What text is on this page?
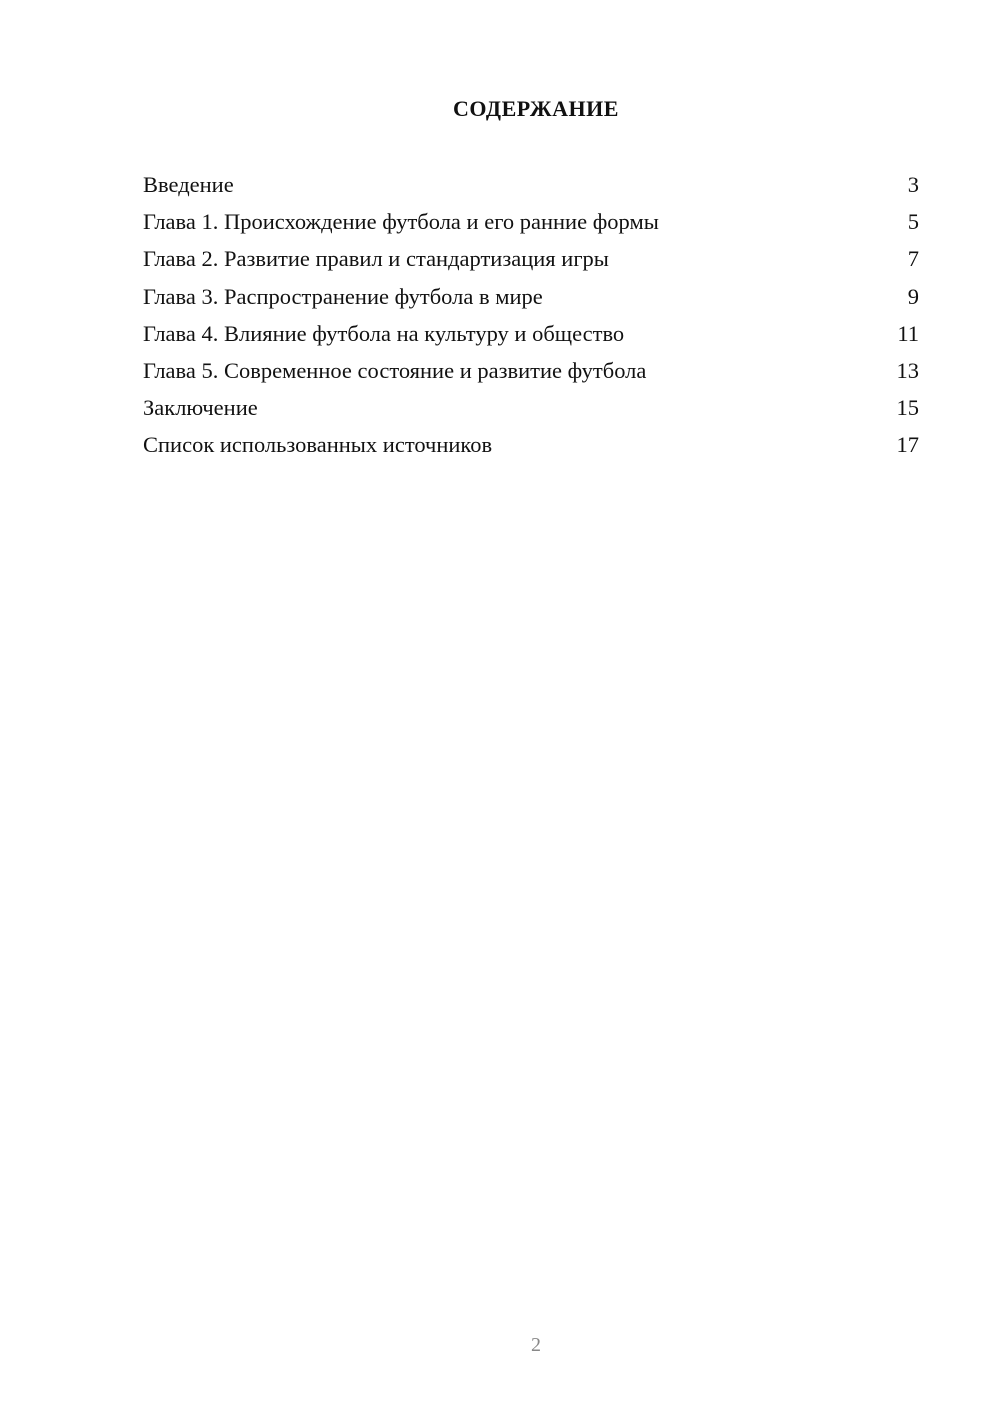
СОДЕРЖАНИЕ
Введение	3
Глава 1. Происхождение футбола и его ранние формы	5
Глава 2. Развитие правил и стандартизация игры	7
Глава 3. Распространение футбола в мире	9
Глава 4. Влияние футбола на культуру и общество	11
Глава 5. Современное состояние и развитие футбола	13
Заключение	15
Список использованных источников	17
2
